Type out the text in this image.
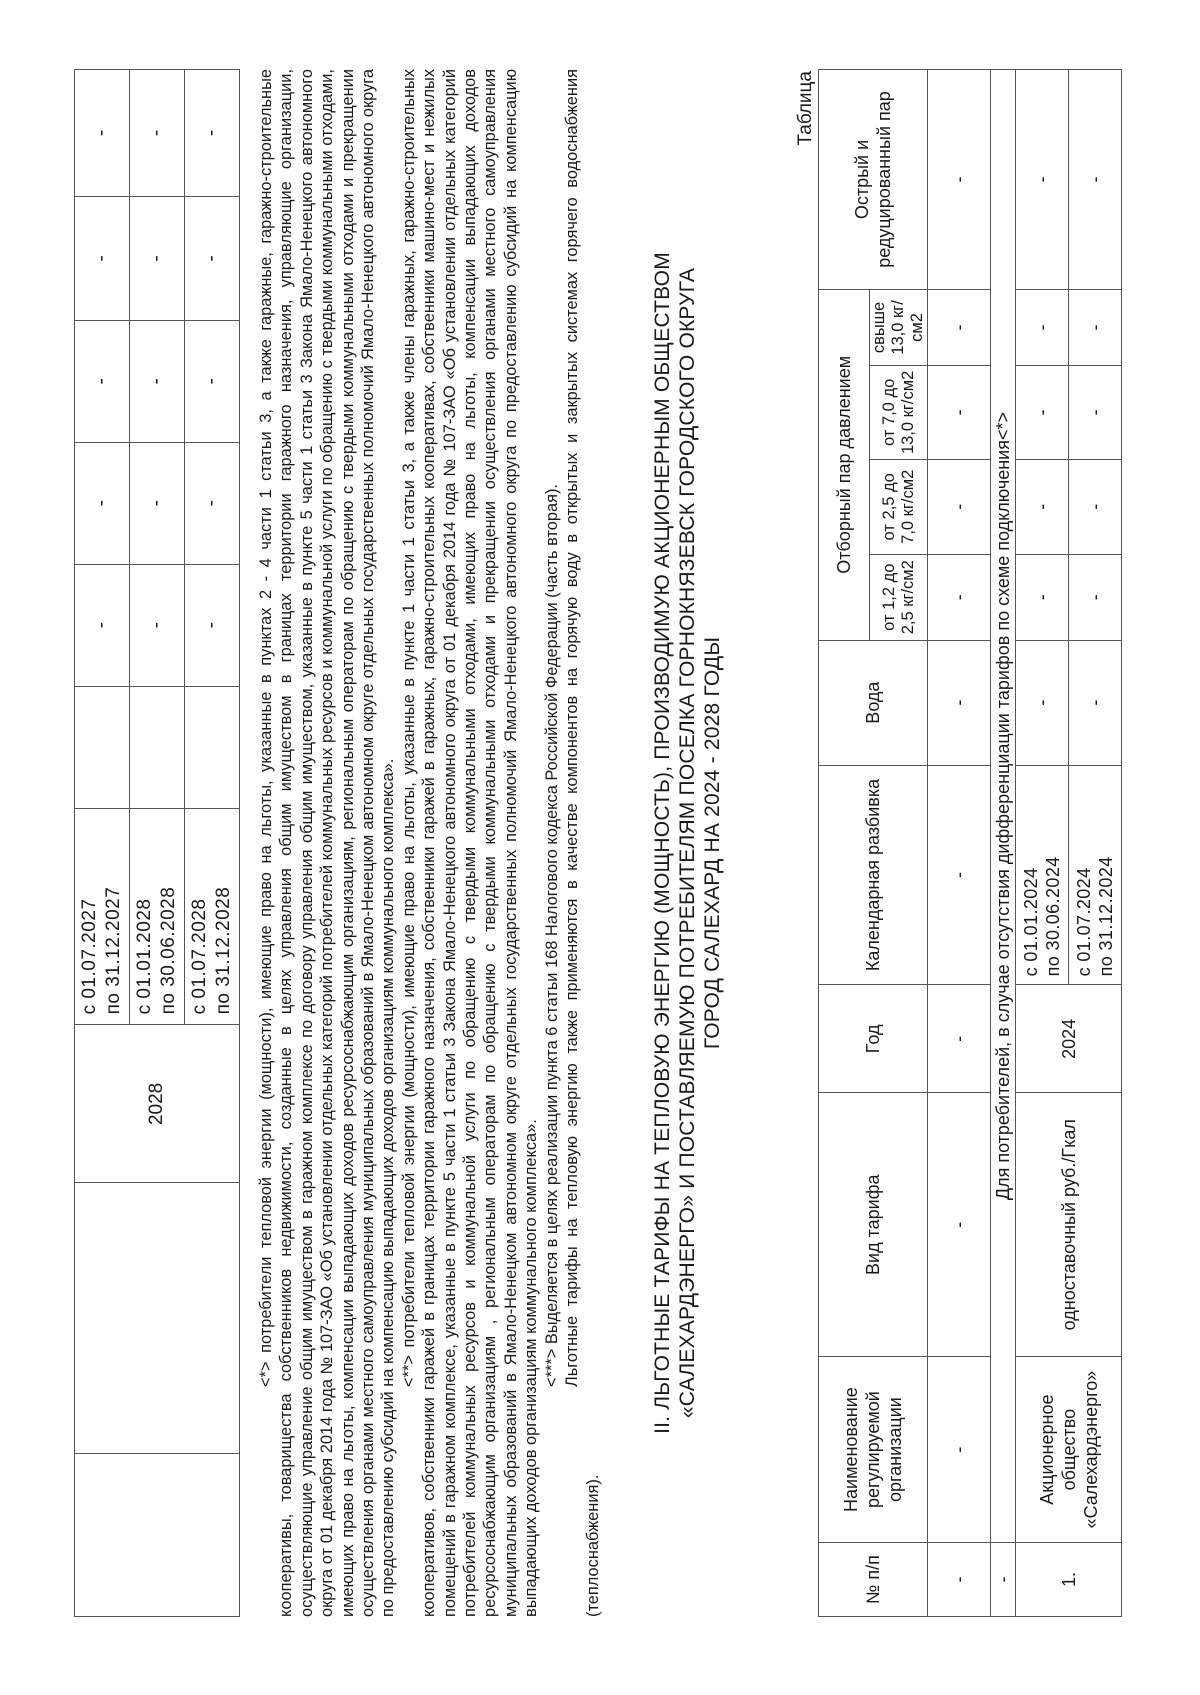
		2028	с 01.07.2027 по 31.12.2027		-	-	-	-	-
			с 01.01.2028 по 30.06.2028		-	-	-	-	-
			с 01.07.2028 по 31.12.2028		-	-	-	-	- <*> потребители тепловой энергии (мощности), имеющие право на льготы, указанные в пунктах 2 - 4 части 1 статьи 3, а также гаражные, гаражно-строительные кооперативы, товарищества собственников недвижимости, созданные в целях управления общим имуществом в границах территории гаражного назначения, управляющие организации, осуществляющие управление общим имуществом в гаражном комплексе по договору управления общим имуществом, указанные в пункте 5 части 1 статьи 3 Закона Ямало-Ненецкого автономного округа от 01 декабря 2014 года № 107-ЗАО «Об установлении отдельных категорий потребителей коммунальных ресурсов и коммунальной услуги по обращению с твердыми коммунальными отходами, имеющих право на льготы, компенсации выпадающих доходов ресурсоснабжающим организациям, региональным операторам по обращению с твердыми коммунальными отходами и прекращении осуществления органами местного самоуправления муниципальных образований в Ямало-Ненецком автономном округе отдельных государственных полномочий Ямало-Ненецкого автономного округа по предоставлению субсидий на компенсацию выпадающих доходов организациям коммунального комплекса». <**> потребители тепловой энергии (мощности), имеющие право на льготы, указанные в пункте 1 части 1 статьи 3, а также члены гаражных, гаражно-строительных кооперативов, собственники гаражей в границах территории гаражного назначения, собственники гаражей в гаражных, гаражно-строительных кооперативах, собственники машино-мест и нежилых помещений в гаражном комплексе, указанные в пункте 5 части 1 статьи 3 Закона Ямало-Ненецкого автономного округа от 01 декабря 2014 года № 107-ЗАО «Об установлении отдельных категорий потребителей коммунальных ресурсов и коммунальной услуги по обращению с твердыми коммунальными отходами, имеющих право на льготы, компенсации выпадающих доходов ресурсоснабжающим организациям , региональным операторам по обращению с твердыми коммунальными отходами и прекращении осуществления органами местного самоуправления муниципальных образований в Ямало-Ненецком автономном округе отдельных государственных полномочий Ямало-Ненецкого автономного округа по предоставлению субсидий на компенсацию выпадающих доходов организациям коммунального комплекса». <***> Выделяется в целях реализации пункта 6 статьи 168 Налогового кодекса Российской Федерации (часть вторая). Льготные тарифы на тепловую энергию также применяются в качестве компонентов на горячую воду в открытых и закрытых системах горячего водоснабжения (теплоснабжения).

II. ЛЬГОТНЫЕ ТАРИФЫ НА ТЕПЛОВУЮ ЭНЕРГИЮ (МОЩНОСТЬ), ПРОИЗВОДИМУЮ АКЦИОНЕРНЫМ ОБЩЕСТВОМ «САЛЕХАРДЭНЕРГО» И ПОСТАВЛЯЕМУЮ ПОТРЕБИТЕЛЯМ ПОСЕЛКА ГОРНОКНЯЗЕВСК ГОРОДСКОГО ОКРУГА ГОРОД САЛЕХАРД НА 2024 - 2028 ГОДЫ
Таблица
№ п/п	Наименование регулируемой организации	Вид тарифа	Год	Календарная разбивка	Вода	Отборный пар давлением				Острый и редуцированный пар
						от 1,2 до 2,5 кг/см2	от 2,5 до 7,0 кг/см2	от 7,0 до 13,0 кг/см2	свыше 13,0 кг/см2	
-	-	-	-	-	-	-	-	-	-	-
-	Для потребителей, в случае отсутствия дифференциации тарифов по схеме подключения<*>									
1.	Акционерное общество «Салехардэнерго»	одноставочный руб./Гкал	2024	с 01.01.2024 по 30.06.2024	-	-	-	-	-	-
				с 01.07.2024 по 31.12.2024	-	-	-	-	-	-
